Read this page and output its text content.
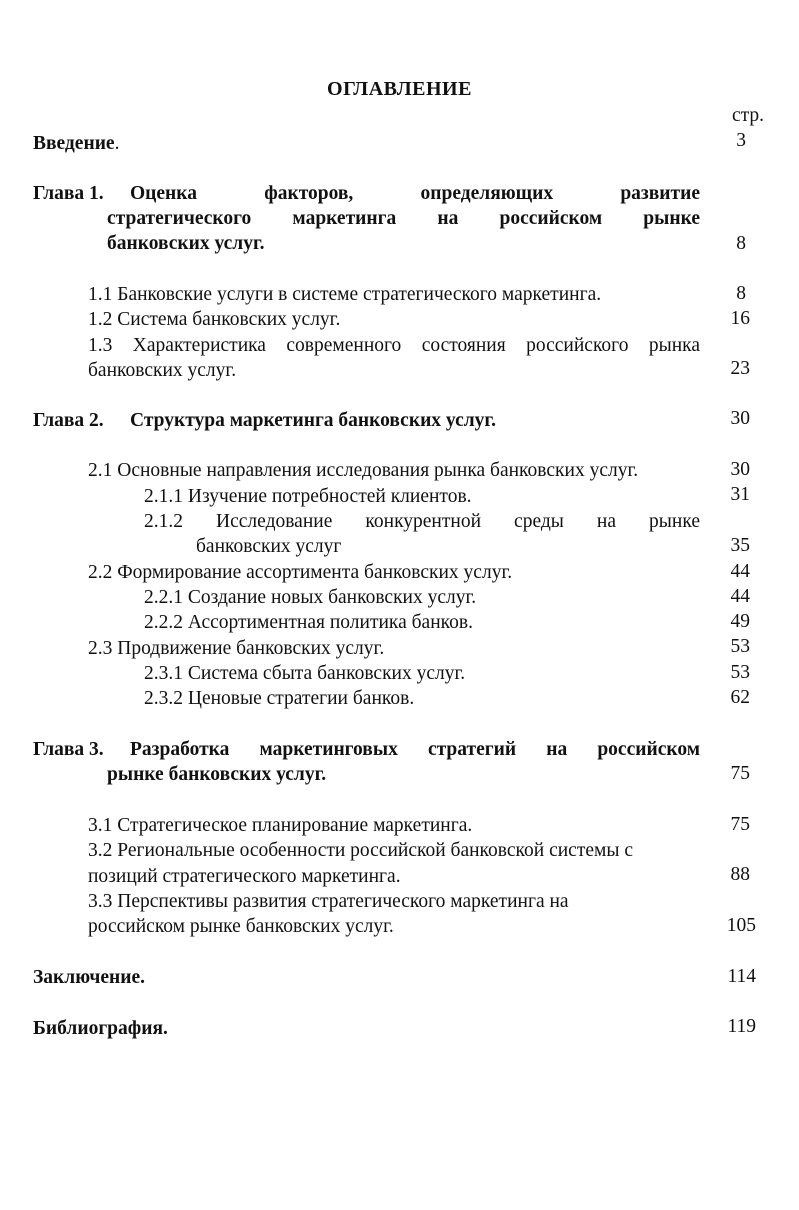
ОГЛАВЛЕНИЕ
стр.
Введение.	3
Глава 1. Оценка факторов, определяющих развитие
стратегического маркетинга на российском рынке
банковских услуг.	8
1.1 Банковские услуги в системе стратегического маркетинга.	8
1.2 Система банковских услуг.	16
1.3 Характеристика современного состояния российского рынка
банковских услуг.	23
Глава 2. Структура маркетинга банковских услуг.	30
2.1 Основные направления исследования рынка банковских услуг.	30
2.1.1 Изучение потребностей клиентов.	31
2.1.2 Исследование конкурентной среды на рынке
банковских услуг	35
2.2 Формирование ассортимента банковских услуг.	44
2.2.1 Создание новых банковских услуг.	44
2.2.2 Ассортиментная политика банков.	49
2.3 Продвижение банковских услуг.	53
2.3.1 Система сбыта банковских услуг.	53
2.3.2 Ценовые стратегии банков.	62
Глава 3. Разработка маркетинговых стратегий на российском
рынке банковских услуг.	75
3.1 Стратегическое планирование маркетинга.	75
3.2 Региональные особенности российской банковской системы с
позиций стратегического маркетинга.	88
3.3 Перспективы развития стратегического маркетинга на
российском рынке банковских услуг.	105
Заключение.	114
Библиография.	119
